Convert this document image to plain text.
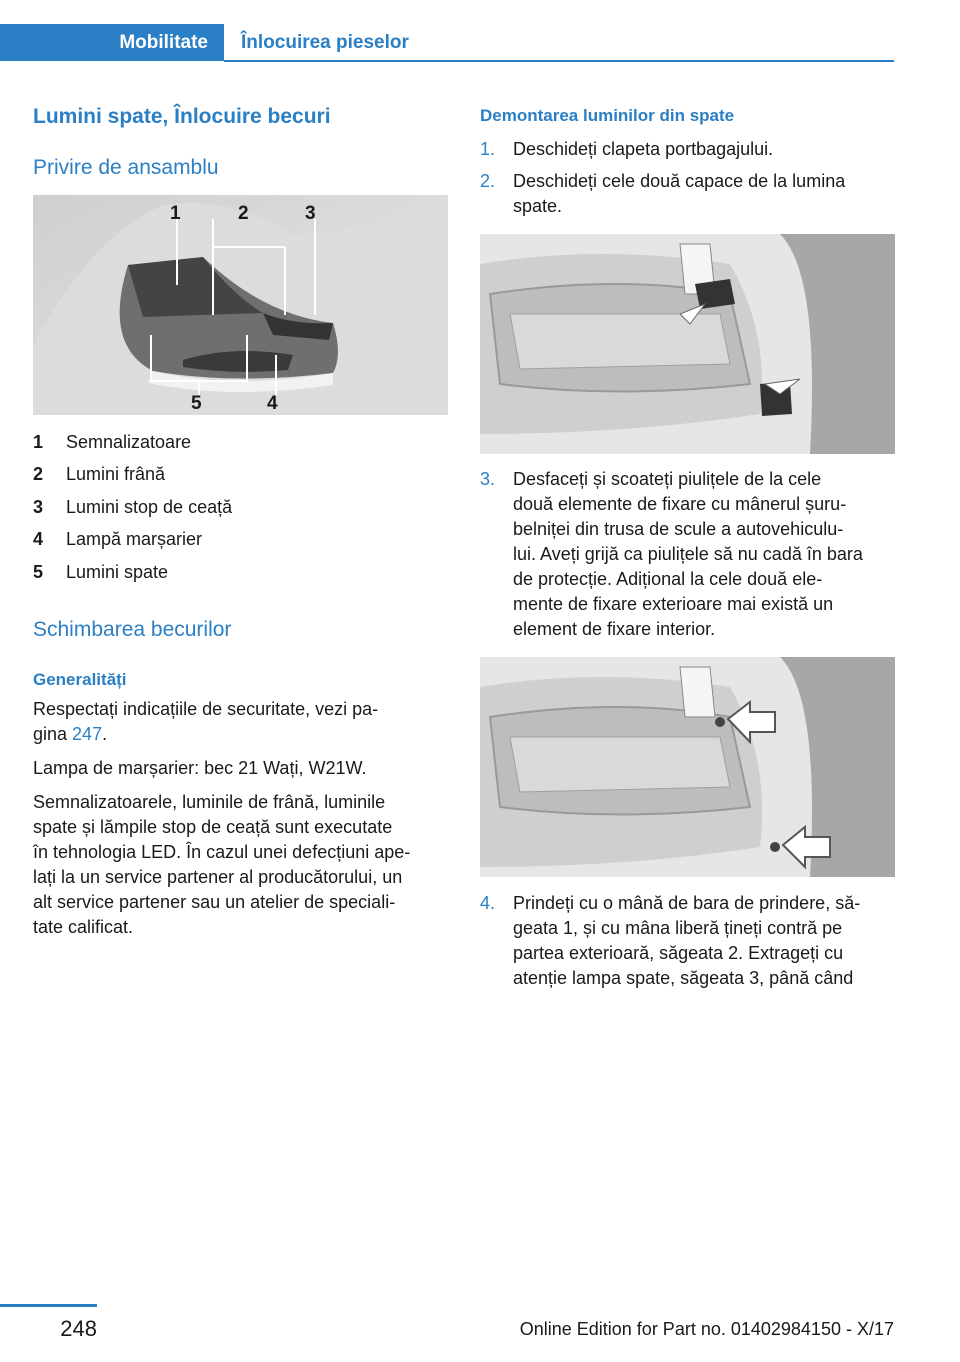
Mobilitate	Înlocuirea pieselor
Lumini spate, Înlocuire becuri
Privire de ansamblu
1	2	3
4
5
1	Semnalizatoare
2	Lumini frână
3	Lumini stop de ceață
4	Lampă marșarier
5	Lumini spate
Schimbarea becurilor
Generalități

Respectați indicațiile de securitate, vezi pa-
gina 247.

Lampa de marșarier: bec 21 Wați, W21W.

Semnalizatoarele, luminile de frână, luminile
spate și lămpile stop de ceață sunt executate
în tehnologia LED. În cazul unei defecțiuni ape-
lați la un service partener al producătorului, un
alt service partener sau un atelier de speciali-
tate calificat.

Demontarea luminilor din spate
1. Deschideți clapeta portbagajului.
2. Deschideți cele două capace de la lumina
spate.
3. Desfaceți și scoateți piulițele de la cele
două elemente de fixare cu mânerul șuru-
belniței din trusa de scule a autovehiculu-
lui. Aveți grijă ca piulițele să nu cadă în bara
de protecție. Adițional la cele două ele-
mente de fixare exterioare mai există un
element de fixare interior.
4. Prindeți cu o mână de bara de prindere, să-
geata 1, și cu mâna liberă țineți contră pe
partea exterioară, săgeata 2. Extrageți cu
atenție lampa spate, săgeata 3, până când
248	Online Edition for Part no. 01402984150 - X/17
